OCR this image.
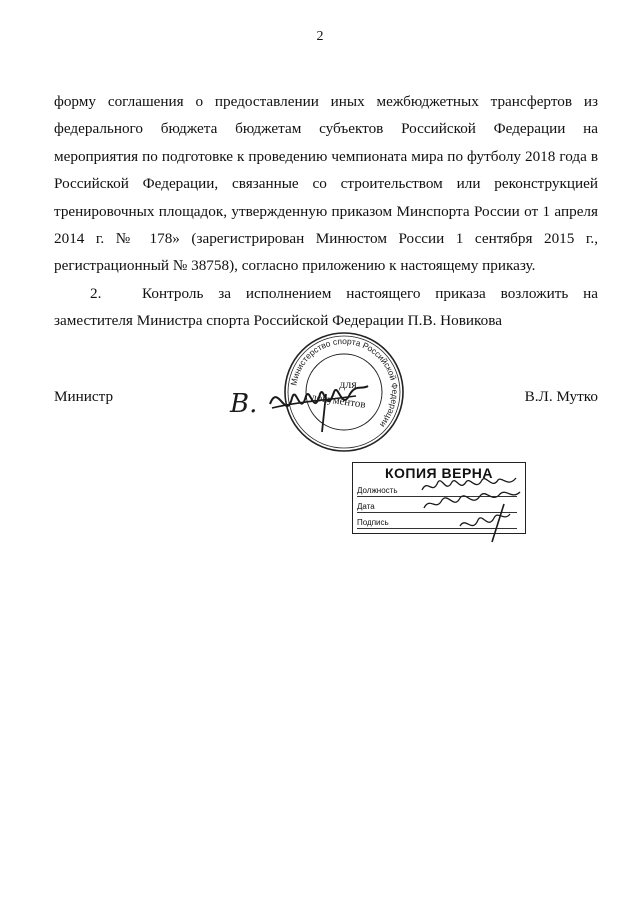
2

форму соглашения о предоставлении иных межбюджетных трансфертов из федерального бюджета бюджетам субъектов Российской Федерации на мероприятия по подготовке к проведению чемпионата мира по футболу 2018 года в Российской Федерации, связанные со строительством или реконструкцией тренировочных площадок, утвержденную приказом Минспорта России от 1 апреля 2014 г. № 178» (зарегистрирован Минюстом России 1 сентября 2015 г., регистрационный № 38758), согласно приложению к настоящему приказу.

2.	Контроль за исполнением настоящего приказа возложить на заместителя Министра спорта Российской Федерации П.В. Новикова

Министерство спорта Российской Федерации
для
документов
Министр	В.Л. Мутко
В.
КОПИЯ ВЕРНА
Должность
Дата
Подпись
